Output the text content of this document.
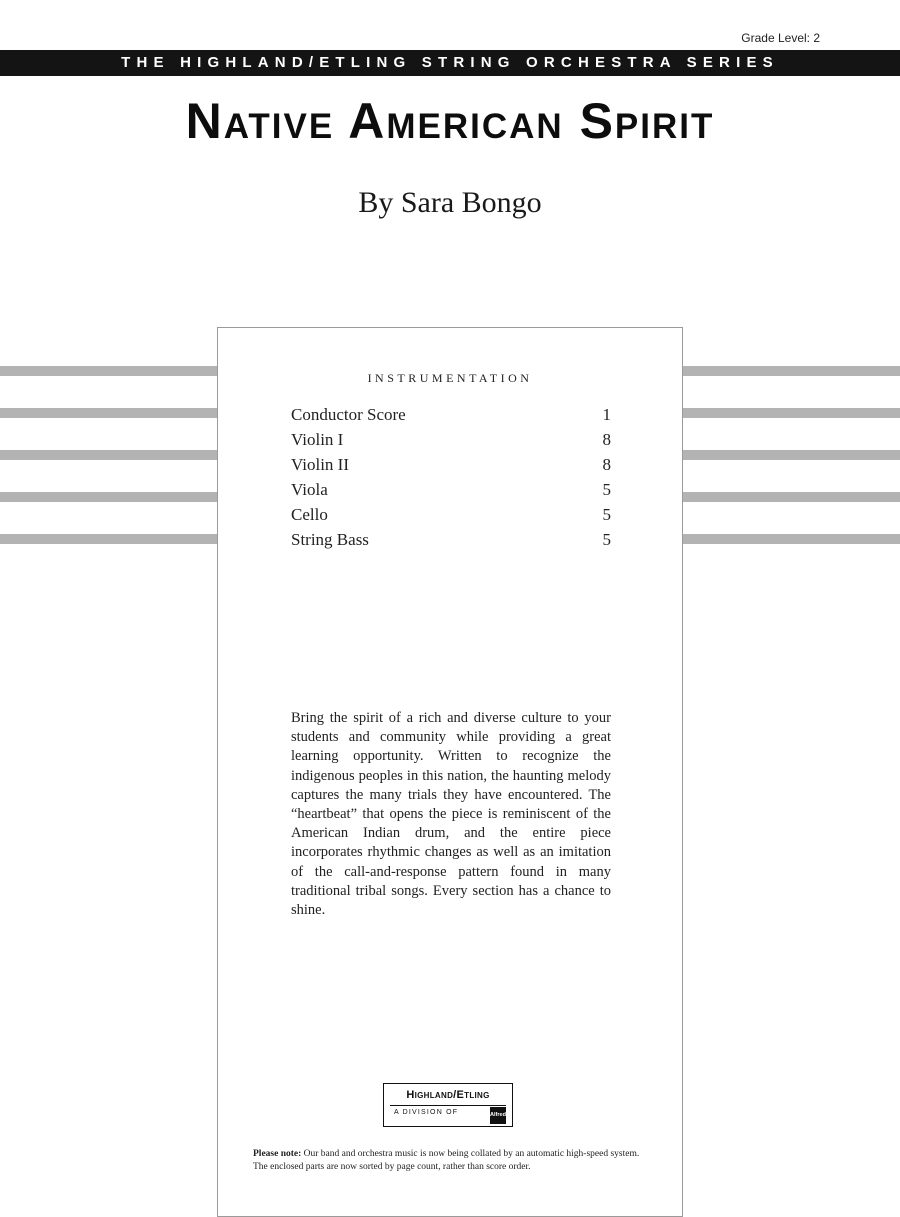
Grade Level: 2
THE HIGHLAND/ETLING STRING ORCHESTRA SERIES
Native American Spirit

By Sara Bongo

INSTRUMENTATION

Conductor Score	1
Violin I	8
Violin II	8
Viola	5
Cello	5
String Bass	5

Bring the spirit of a rich and diverse culture to your students and community while providing a great learning opportunity. Written to recognize the indigenous peoples in this nation, the haunting melody captures the many trials they have encountered. The “heartbeat” that opens the piece is reminiscent of the American Indian drum, and the entire piece incorporates rhythmic changes as well as an imitation of the call-and-response pattern found in many traditional tribal songs. Every section has a chance to shine.

Highland/Etling
A DIVISION OF	Alfred

Please note: Our band and orchestra music is now being collated by an automatic high-speed system. The enclosed parts are now sorted by page count, rather than score order.
